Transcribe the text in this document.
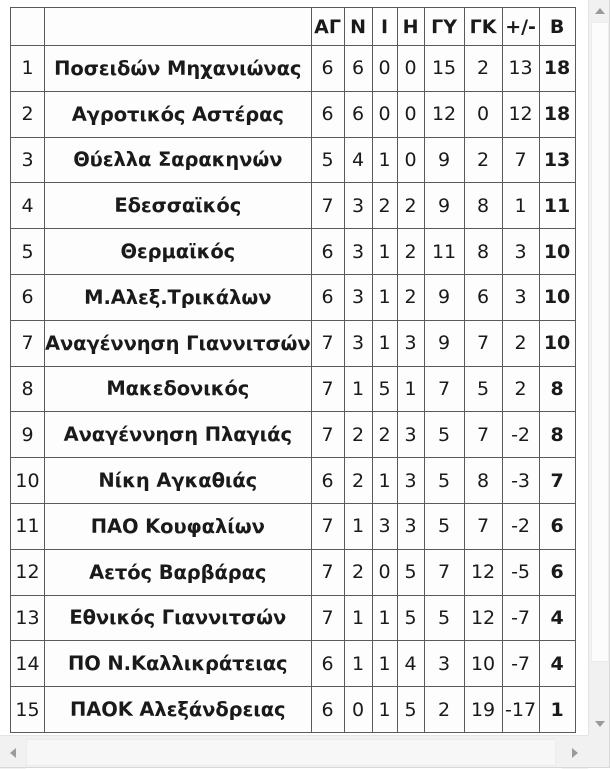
		ΑΓ	Ν	Ι	Η	ΓΥ	ΓΚ	+/-	Β
1	Ποσειδών Μηχανιώνας	6	6	0	0	15	2	13	18
2	Αγροτικός Αστέρας	6	6	0	0	12	0	12	18
3	Θύελλα Σαρακηνών	5	4	1	0	9	2	7	13
4	Εδεσσαϊκός	7	3	2	2	9	8	1	11
5	Θερμαϊκός	6	3	1	2	11	8	3	10
6	Μ.Αλεξ.Τρικάλων	6	3	1	2	9	6	3	10
7	Αναγέννηση Γιαννιτσών	7	3	1	3	9	7	2	10
8	Μακεδονικός	7	1	5	1	7	5	2	8
9	Αναγέννηση Πλαγιάς	7	2	2	3	5	7	-2	8
10	Νίκη Αγκαθιάς	6	2	1	3	5	8	-3	7
11	ΠΑΟ Κουφαλίων	7	1	3	3	5	7	-2	6
12	Αετός Βαρβάρας	7	2	0	5	7	12	-5	6
13	Εθνικός Γιαννιτσών	7	1	1	5	5	12	-7	4
14	ΠΟ Ν.Καλλικράτειας	6	1	1	4	3	10	-7	4
15	ΠΑΟΚ Αλεξάνδρειας	6	0	1	5	2	19	-17	1
